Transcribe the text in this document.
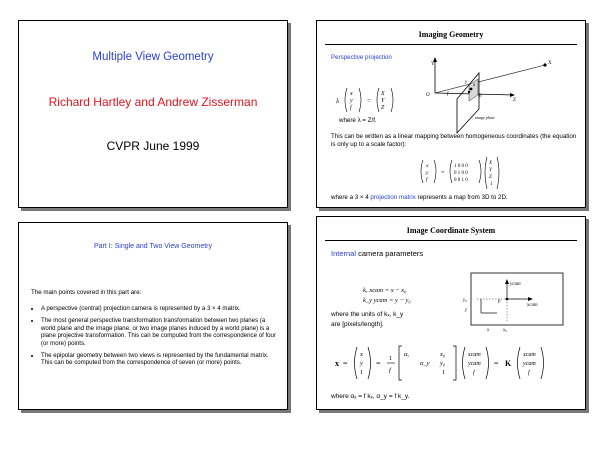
Multiple View Geometry
Richard Hartley and Andrew Zisserman
CVPR June 1999
Imaging Geometry
Perspective projection
λ
x
y
f
=
X
Y
Z
where λ = Z/f.
Y	X
Z
O
x
y
p
f
image plane
This can be written as a linear mapping between homogeneous coordinates (the equation is only up to a scale factor):
x
y
f
=
1 0 0 0
0 1 0 0
0 0 1 0
X
Y
Z
1
where a 3 × 4 projection matrix represents a map from 3D to 2D.
Part I: Single and Two View Geometry
The main points covered in this part are:
• A perspective (central) projection camera is represented by a 3 × 4 matrix.
• The most general perspective transformation transformation between two planes (a world plane and the image plane, or two image planes induced by a world plane) is a plane projective transformation. This can be computed from the correspondence of four (or more) points.
• The epipolar geometry between two views is represented by the fundamental matrix. This can be computed from the correspondence of seven (or more) points.
Image Coordinate System
Internal camera parameters
kₓ xcam = x − x₀
k_y ycam = y − y₀
where the units of kₓ, k_y
are [pixels/length].
ycam
xcam
y₀
y
x₀
x
p
x =
x
y
1
=
1
f
αₓ	x₀
α_y y₀
1
xcam
ycam
f
= K
xcam
ycam
f
where αₓ = f kₓ, α_y = f k_y.
